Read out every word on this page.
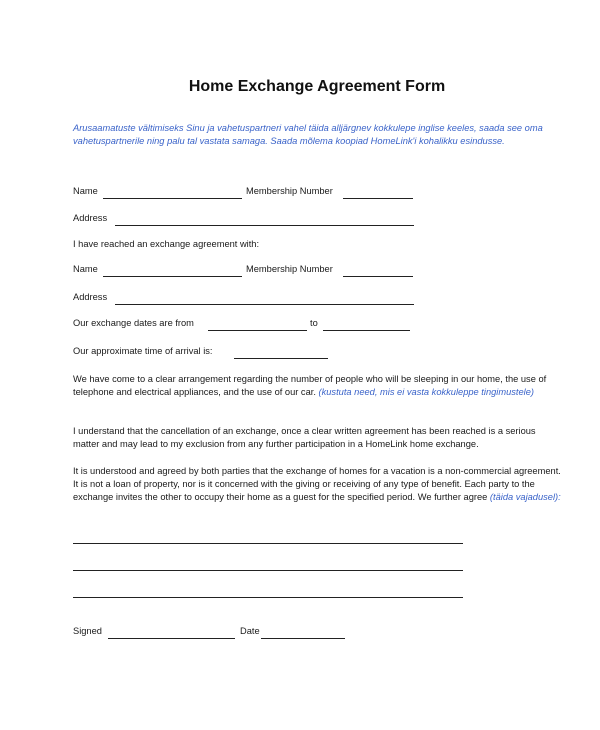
Home Exchange Agreement Form
Arusaamatuste vältimiseks Sinu ja vahetuspartneri vahel täida alljärgnev kokkulepe inglise keeles, saada see oma vahetuspartnerile ning palu tal vastata samaga. Saada mõlema koopiad HomeLink'i kohalikku esindusse.
Name	Membership Number
Address
I have reached an exchange agreement with:
Name	Membership Number
Address
Our exchange dates are from	to
Our approximate time of arrival is:
We have come to a clear arrangement regarding the number of people who will be sleeping in our home, the use of telephone and electrical appliances, and the use of our car. (kustuta need, mis ei vasta kokkuleppe tingimustele)
I understand that the cancellation of an exchange, once a clear written agreement has been reached is a serious matter and may lead to my exclusion from any further participation in a HomeLink home exchange.
It is understood and agreed by both parties that the exchange of homes for a vacation is a non-commercial agreement. It is not a loan of property, nor is it concerned with the giving or receiving of any type of benefit. Each party to the exchange invites the other to occupy their home as a guest for the specified period. We further agree (täida vajadusel):
Signed	Date
